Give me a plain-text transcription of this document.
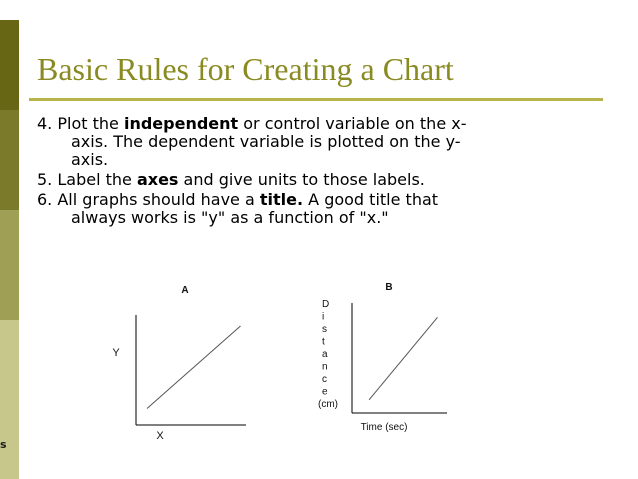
s
Basic Rules for Creating a Chart

4. Plot the independent or control variable on the x-
axis. The dependent variable is plotted on the y-
axis.

5. Label the axes and give units to those labels.

6. All graphs should have a title. A good title that
always works is "y" as a function of "x."

A
Y
X
B
D
i
s
t
a
n
c
e
(cm)
Time (sec)
